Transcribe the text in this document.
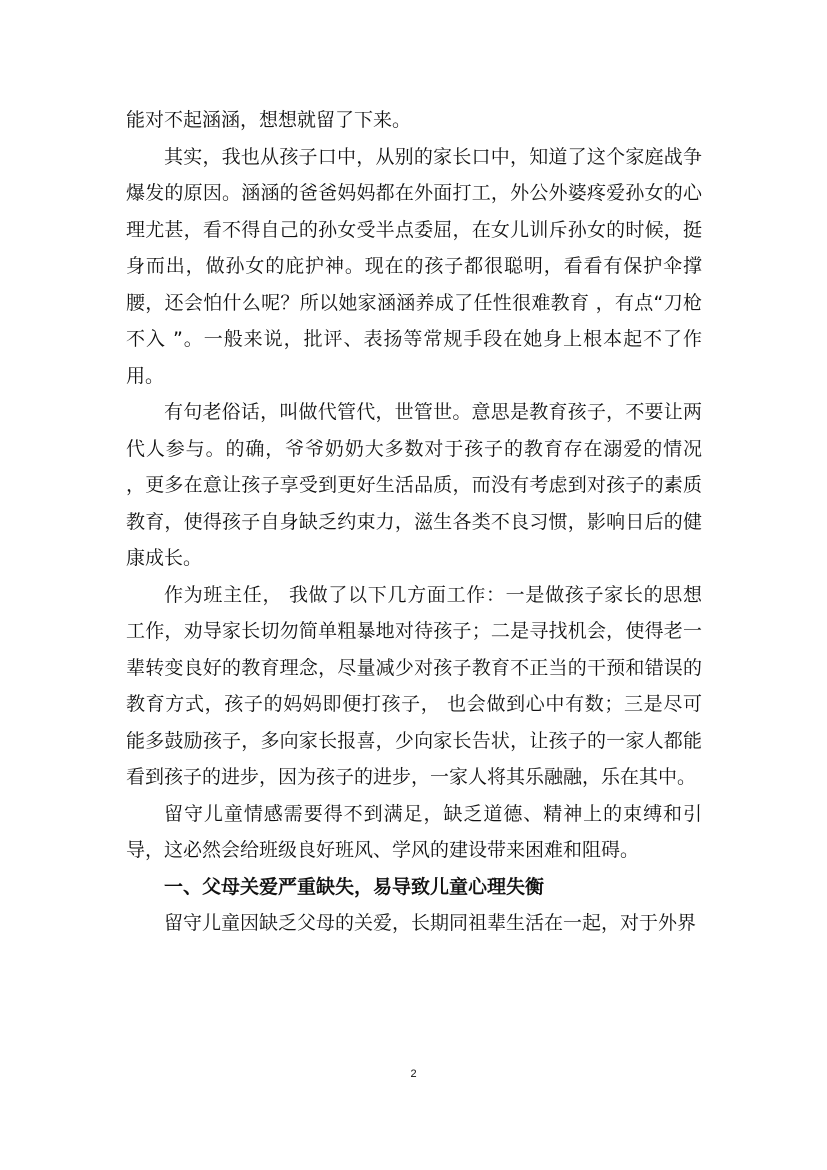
能对不起涵涵，想想就留了下来。

其实，我也从孩子口中，从别的家长口中，知道了这个家庭战争爆发的原因。涵涵的爸爸妈妈都在外面打工，外公外婆疼爱孙女的心理尤甚，看不得自己的孙女受半点委屈，在女儿训斥孙女的时候，挺身而出，做孙女的庇护神。现在的孩子都很聪明，看看有保护伞撑腰，还会怕什么呢？所以她家涵涵养成了任性很难教育 ，有点“刀枪不入 ”。一般来说，批评、表扬等常规手段在她身上根本起不了作用。

有句老俗话，叫做代管代，世管世。意思是教育孩子，不要让两代人参与。的确，爷爷奶奶大多数对于孩子的教育存在溺爱的情况 ，更多在意让孩子享受到更好生活品质，而没有考虑到对孩子的素质教育，使得孩子自身缺乏约束力，滋生各类不良习惯，影响日后的健康成长。

作为班主任， 我做了以下几方面工作：一是做孩子家长的思想工作，劝导家长切勿简单粗暴地对待孩子；二是寻找机会，使得老一辈转变良好的教育理念，尽量减少对孩子教育不正当的干预和错误的教育方式，孩子的妈妈即便打孩子， 也会做到心中有数；三是尽可能多鼓励孩子，多向家长报喜，少向家长告状，让孩子的一家人都能看到孩子的进步，因为孩子的进步，一家人将其乐融融，乐在其中。

留守儿童情感需要得不到满足，缺乏道德、精神上的束缚和引导，这必然会给班级良好班风、学风的建设带来困难和阻碍。

一、父母关爱严重缺失，易导致儿童心理失衡

留守儿童因缺乏父母的关爱，长期同祖辈生活在一起，对于外界

2
